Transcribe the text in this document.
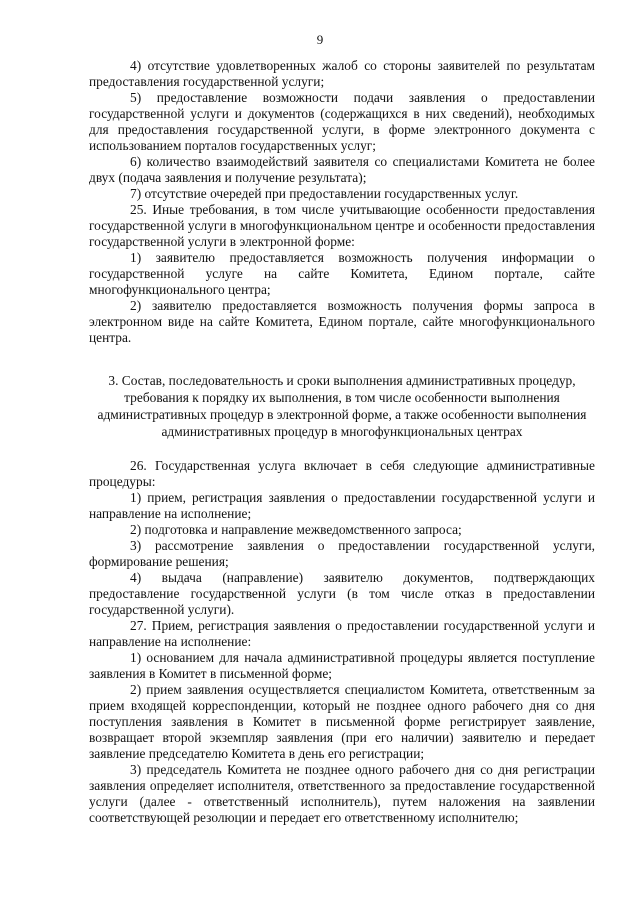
9

4) отсутствие удовлетворенных жалоб со стороны заявителей по результатам предоставления государственной услуги;

5) предоставление возможности подачи заявления о предоставлении государственной услуги и документов (содержащихся в них сведений), необходимых для предоставления государственной услуги, в форме электронного документа с использованием порталов государственных услуг;

6) количество взаимодействий заявителя со специалистами Комитета не более двух (подача заявления и получение результата);

7) отсутствие очередей при предоставлении государственных услуг.

25. Иные требования, в том числе учитывающие особенности предоставления государственной услуги в многофункциональном центре и особенности предоставления государственной услуги в электронной форме:

1) заявителю предоставляется возможность получения информации о государственной услуге на сайте Комитета, Едином портале, сайте многофункционального центра;

2) заявителю предоставляется возможность получения формы запроса в электронном виде на сайте Комитета, Едином портале, сайте многофункционального центра.

3. Состав, последовательность и сроки выполнения административных процедур, требования к порядку их выполнения, в том числе особенности выполнения административных процедур в электронной форме, а также особенности выполнения административных процедур в многофункциональных центрах

26. Государственная услуга включает в себя следующие административные процедуры:

1) прием, регистрация заявления о предоставлении государственной услуги и направление на исполнение;

2) подготовка и направление межведомственного запроса;

3) рассмотрение заявления о предоставлении государственной услуги, формирование решения;

4) выдача (направление) заявителю документов, подтверждающих предоставление государственной услуги (в том числе отказ в предоставлении государственной услуги).

27. Прием, регистрация заявления о предоставлении государственной услуги и направление на исполнение:

1) основанием для начала административной процедуры является поступление заявления в Комитет в письменной форме;

2) прием заявления осуществляется специалистом Комитета, ответственным за прием входящей корреспонденции, который не позднее одного рабочего дня со дня поступления заявления в Комитет в письменной форме регистрирует заявление, возвращает второй экземпляр заявления (при его наличии) заявителю и передает заявление председателю Комитета в день его регистрации;

3) председатель Комитета не позднее одного рабочего дня со дня регистрации заявления определяет исполнителя, ответственного за предоставление государственной услуги (далее - ответственный исполнитель), путем наложения на заявлении соответствующей резолюции и передает его ответственному исполнителю;
